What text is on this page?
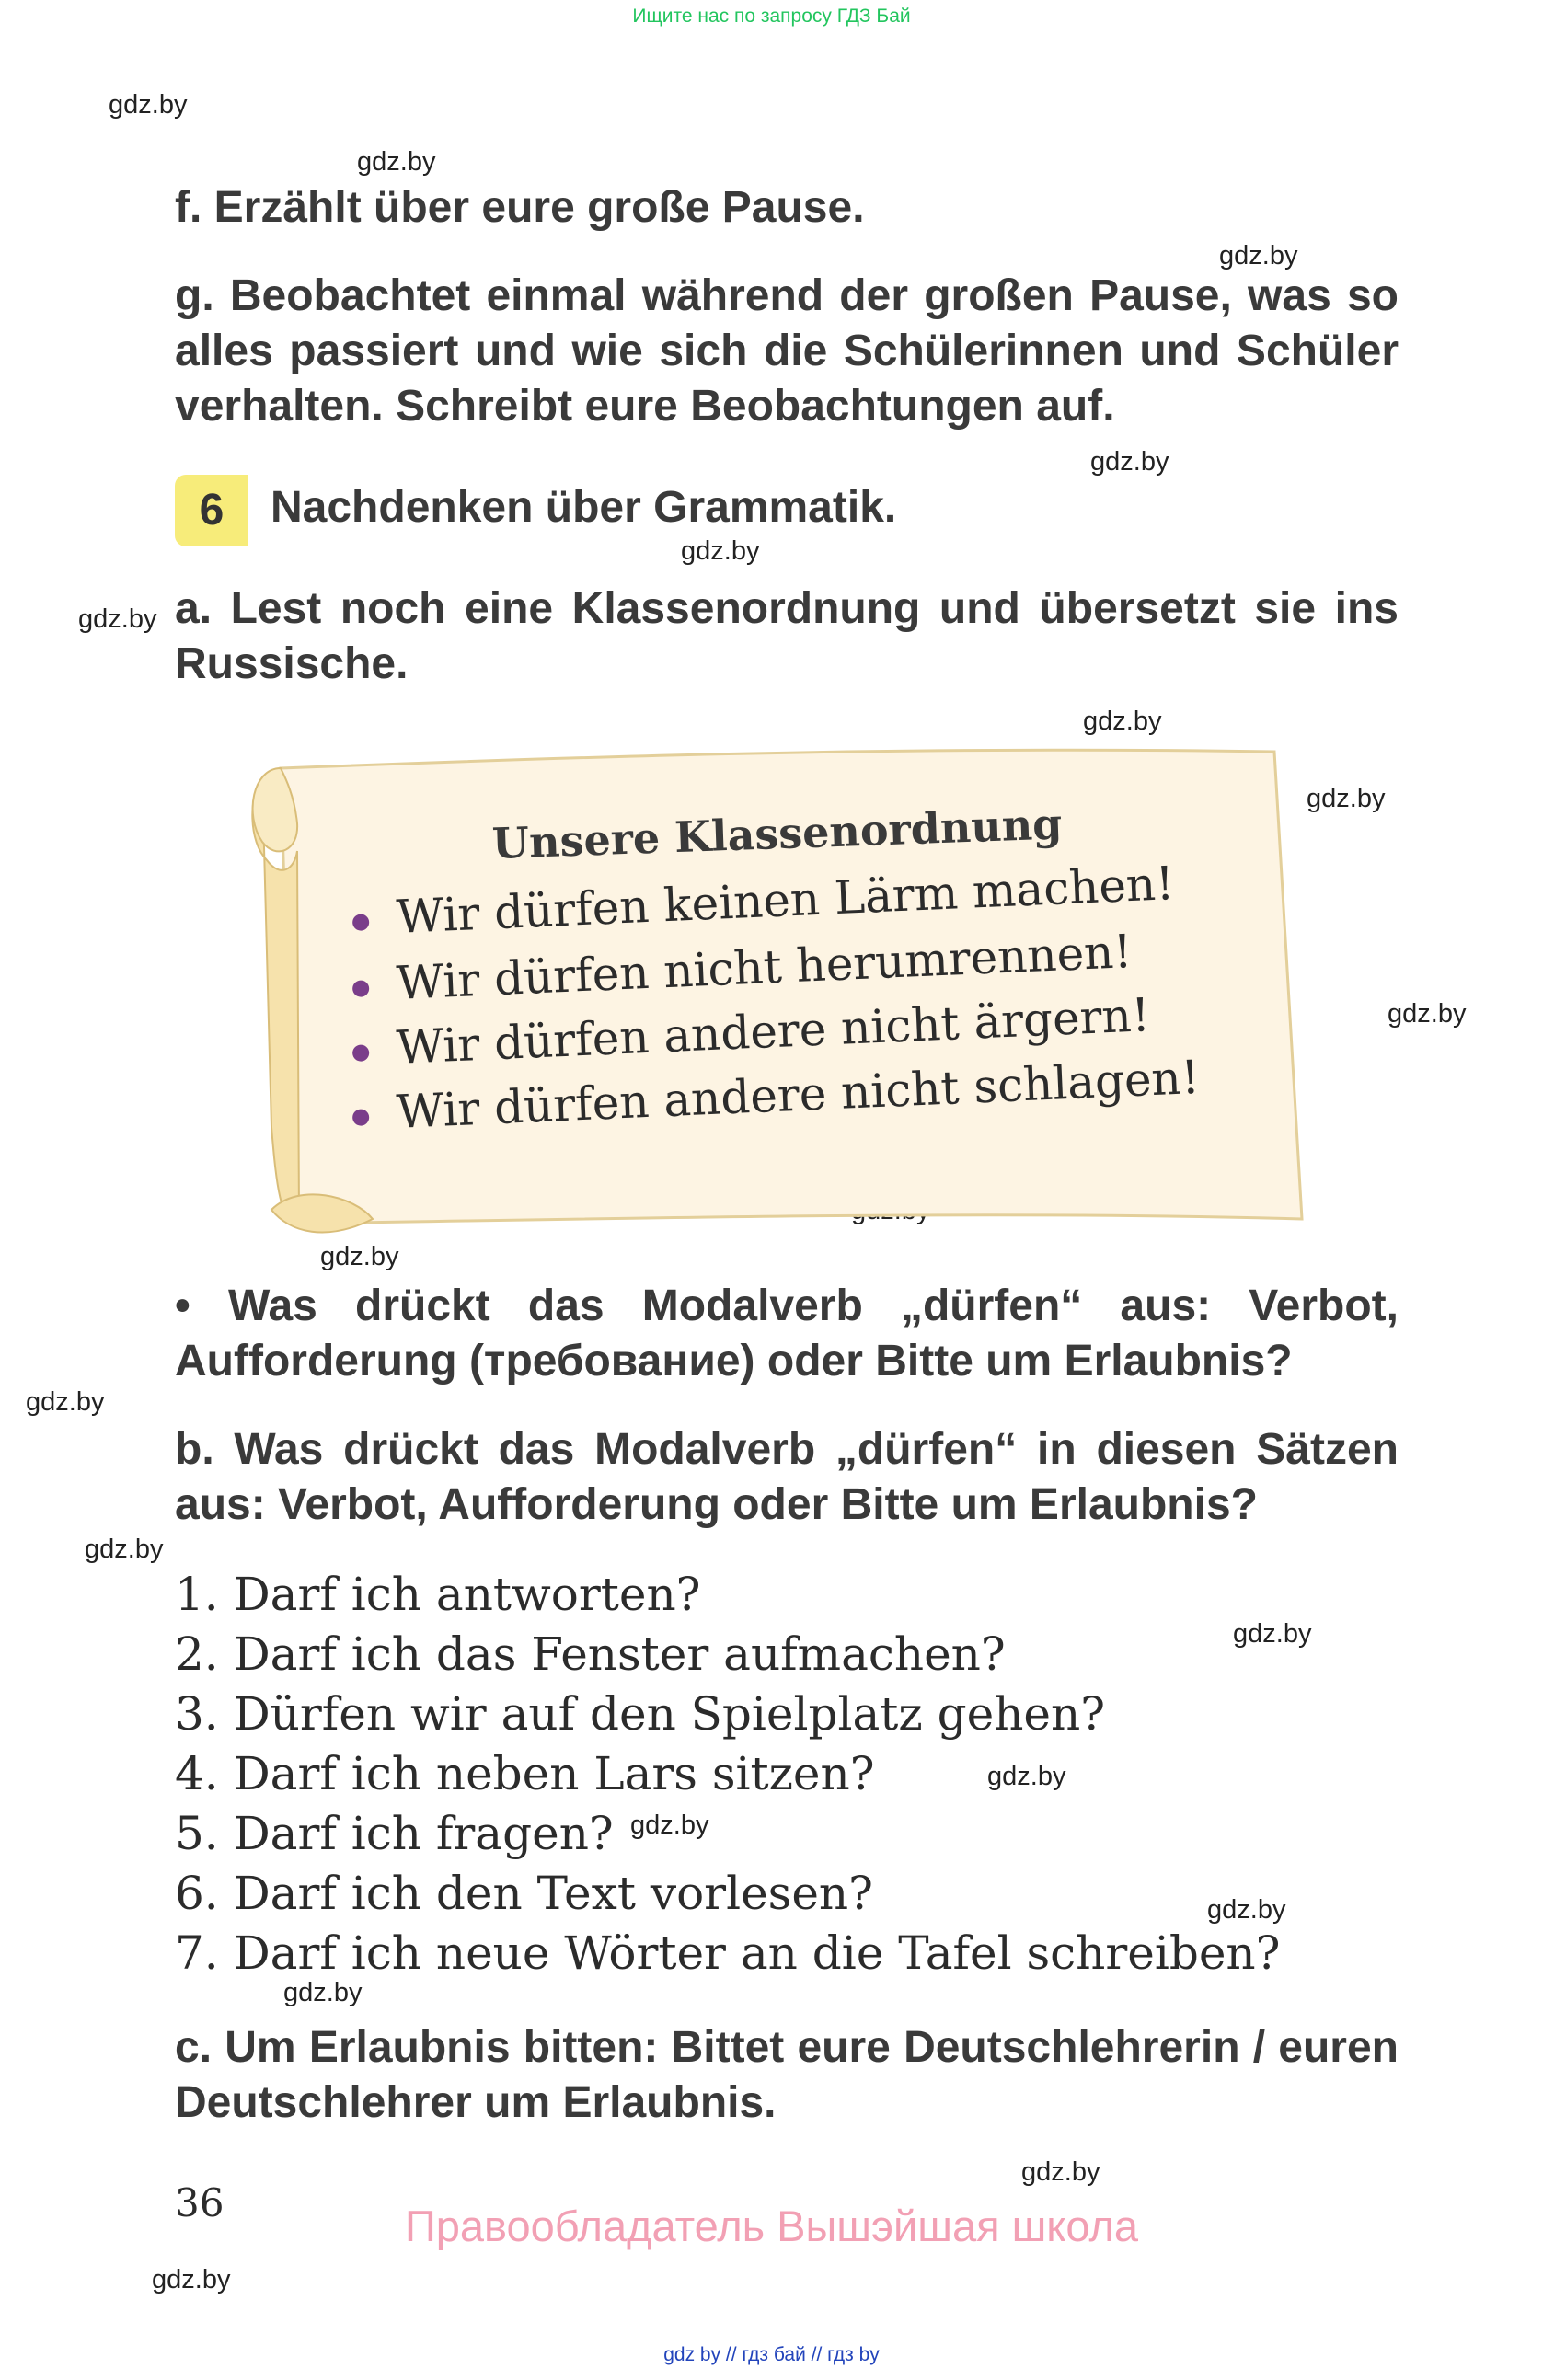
Ищите нас по запросу ГДЗ Бай
gdz.by
gdz.by
gdz.by
gdz.by
gdz.by
gdz.by
gdz.by
gdz.by
gdz.by
gdz.by
gdz.by
gdz.by
gdz.by
gdz.by
gdz.by
gdz.by
gdz.by
gdz.by
gdz.by
f. Erzählt über eure große Pause.
g. Beobachtet einmal während der großen Pause, was so alles passiert und wie sich die Schülerinnen und Schüler verhalten. Schreibt eure Beobachtungen auf.
6	Nachdenken über Grammatik.
a. Lest noch eine Klassenordnung und übersetzt sie ins Russische.
Unsere Klassenordnung
Wir dürfen keinen Lärm machen!
Wir dürfen nicht herumrennen!
Wir dürfen andere nicht ärgern!
Wir dürfen andere nicht schlagen!
• Was drückt das Modalverb „dürfen“ aus: Verbot, Aufforderung (требование) oder Bitte um Erlaubnis?
b. Was drückt das Modalverb „dürfen“ in diesen Sätzen aus: Verbot, Aufforderung oder Bitte um Erlaubnis?
1. Darf ich antworten?
2. Darf ich das Fenster aufmachen?
3. Dürfen wir auf den Spielplatz gehen?
4. Darf ich neben Lars sitzen?
5. Darf ich fragen?
6. Darf ich den Text vorlesen?
7. Darf ich neue Wörter an die Tafel schreiben?
c. Um Erlaubnis bitten: Bittet eure Deutschlehrerin / euren Deutschlehrer um Erlaubnis.
36	Правообладатель Вышэйшая школа
gdz by // гдз бай // гдз by
